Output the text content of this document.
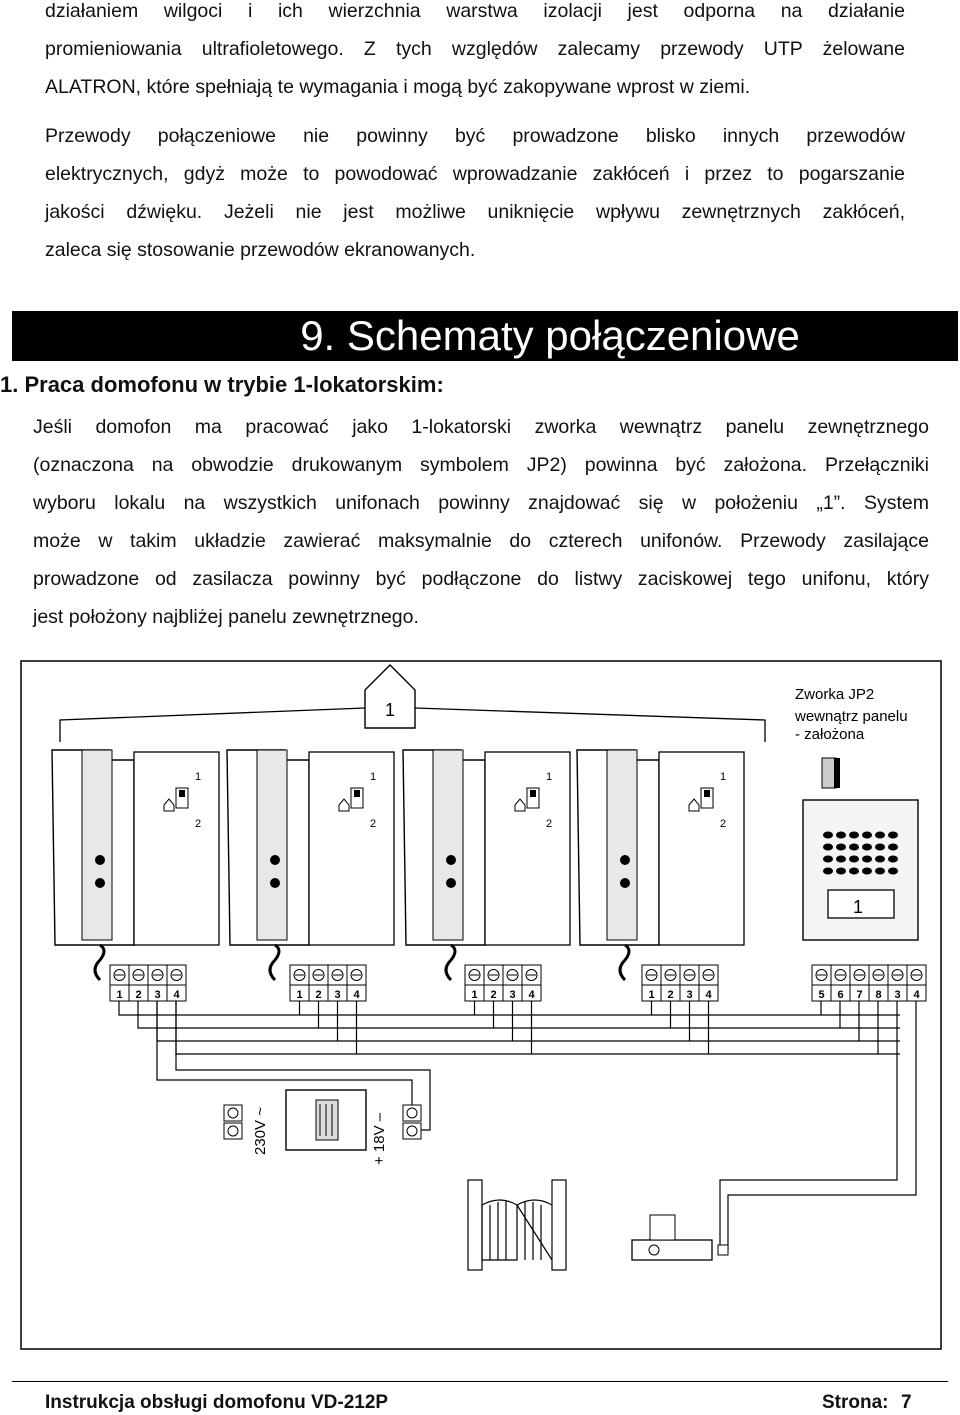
działaniem wilgoci i ich wierzchnia warstwa izolacji jest odporna na działanie
promieniowania ultrafioletowego. Z tych względów zalecamy przewody UTP żelowane
ALATRON, które spełniają te wymagania i mogą być zakopywane wprost w ziemi.
Przewody połączeniowe nie powinny być prowadzone blisko innych przewodów
elektrycznych, gdyż może to powodować wprowadzanie zakłóceń i przez to pogarszanie
jakości dźwięku. Jeżeli nie jest możliwe uniknięcie wpływu zewnętrznych zakłóceń,
zaleca się stosowanie przewodów ekranowanych.
9. Schematy połączeniowe
1. Praca domofonu w trybie 1-lokatorskim:
Jeśli domofon ma pracować jako 1-lokatorski zworka wewnątrz panelu zewnętrznego
(oznaczona na obwodzie drukowanym symbolem JP2) powinna być założona. Przełączniki
wyboru lokalu na wszystkich unifonach powinny znajdować się w położeniu „1”. System
może w takim układzie zawierać maksymalnie do czterech unifonów. Przewody zasilające
prowadzone od zasilacza powinny być podłączone do listwy zaciskowej tego unifonu, który
jest położony najbliżej panelu zewnętrznego.
1
Zworka JP2
wewnątrz panelu
- założona
1
2
1
2
1
2
1
2
1
1 2 3 4	1 2 3 4	1 2 3 4	1 2 3 4	5 6 7 8 3 4
230V ~	+ 18V –
Instrukcja obsługi domofonu VD-212P	Strona: 7
